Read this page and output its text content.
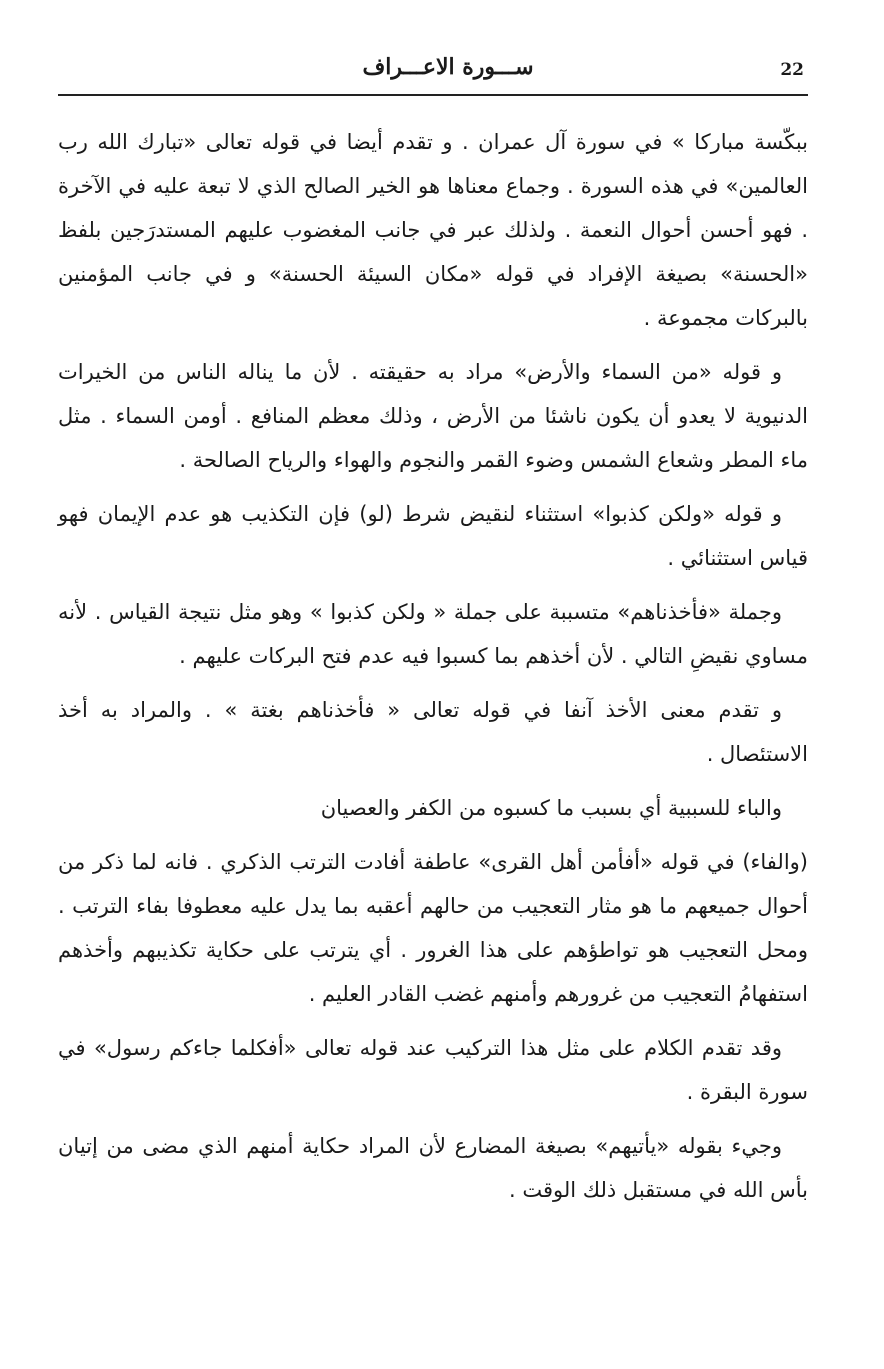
22
ســـورة الاعـــراف

ببكّسة مباركا » في سورة آل عمران . و تقدم أيضا في قوله تعالى «تبارك الله رب العالمين» في هذه السورة . وجماع معناها هو الخير الصالح الذي لا تبعة عليه في الآخرة . فهو أحسن أحوال النعمة . ولذلك عبر في جانب المغضوب عليهم المستدرَجين بلفظ «الحسنة» بصيغة الإفراد في قوله «مكان السيئة الحسنة» و في جانب المؤمنين بالبركات مجموعة .

و قوله «من السماء والأرض» مراد به حقيقته . لأن ما يناله الناس من الخيرات الدنيوية لا يعدو أن يكون ناشئا من الأرض ، وذلك معظم المنافع . أومن السماء . مثل ماء المطر وشعاع الشمس وضوء القمر والنجوم والهواء والرياح الصالحة .

و قوله «ولكن كذبوا» استثناء لنقيض شرط (لو) فإن التكذيب هو عدم الإيمان فهو قياس استثنائي .

وجملة «فأخذناهم» متسببة على جملة « ولكن كذبوا » وهو مثل نتيجة القياس . لأنه مساوي نقيضِ التالي . لأن أخذهم بما كسبوا فيه عدم فتح البركات عليهم .

و تقدم معنى الأخذ آنفا في قوله تعالى « فأخذناهم بغتة » . والمراد به أخذ الاستئصال .

والباء للسببية أي بسبب ما كسبوه من الكفر والعصيان

(والفاء) في قوله «أفأمن أهل القرى» عاطفة أفادت الترتب الذكري . فانه لما ذكر من أحوال جميعهم ما هو مثار التعجيب من حالهم أعقبه بما يدل عليه معطوفا بفاء الترتب . ومحل التعجيب هو تواطؤهم على هذا الغرور . أي يترتب على حكاية تكذيبهم وأخذهم استفهامُ التعجيب من غرورهم وأمنهم غضب القادر العليم .

وقد تقدم الكلام على مثل هذا التركيب عند قوله تعالى «أفكلما جاءكم رسول» في سورة البقرة .

وجيء بقوله «يأتيهم» بصيغة المضارع لأن المراد حكاية أمنهم الذي مضى من إتيان بأس الله في مستقبل ذلك الوقت .
